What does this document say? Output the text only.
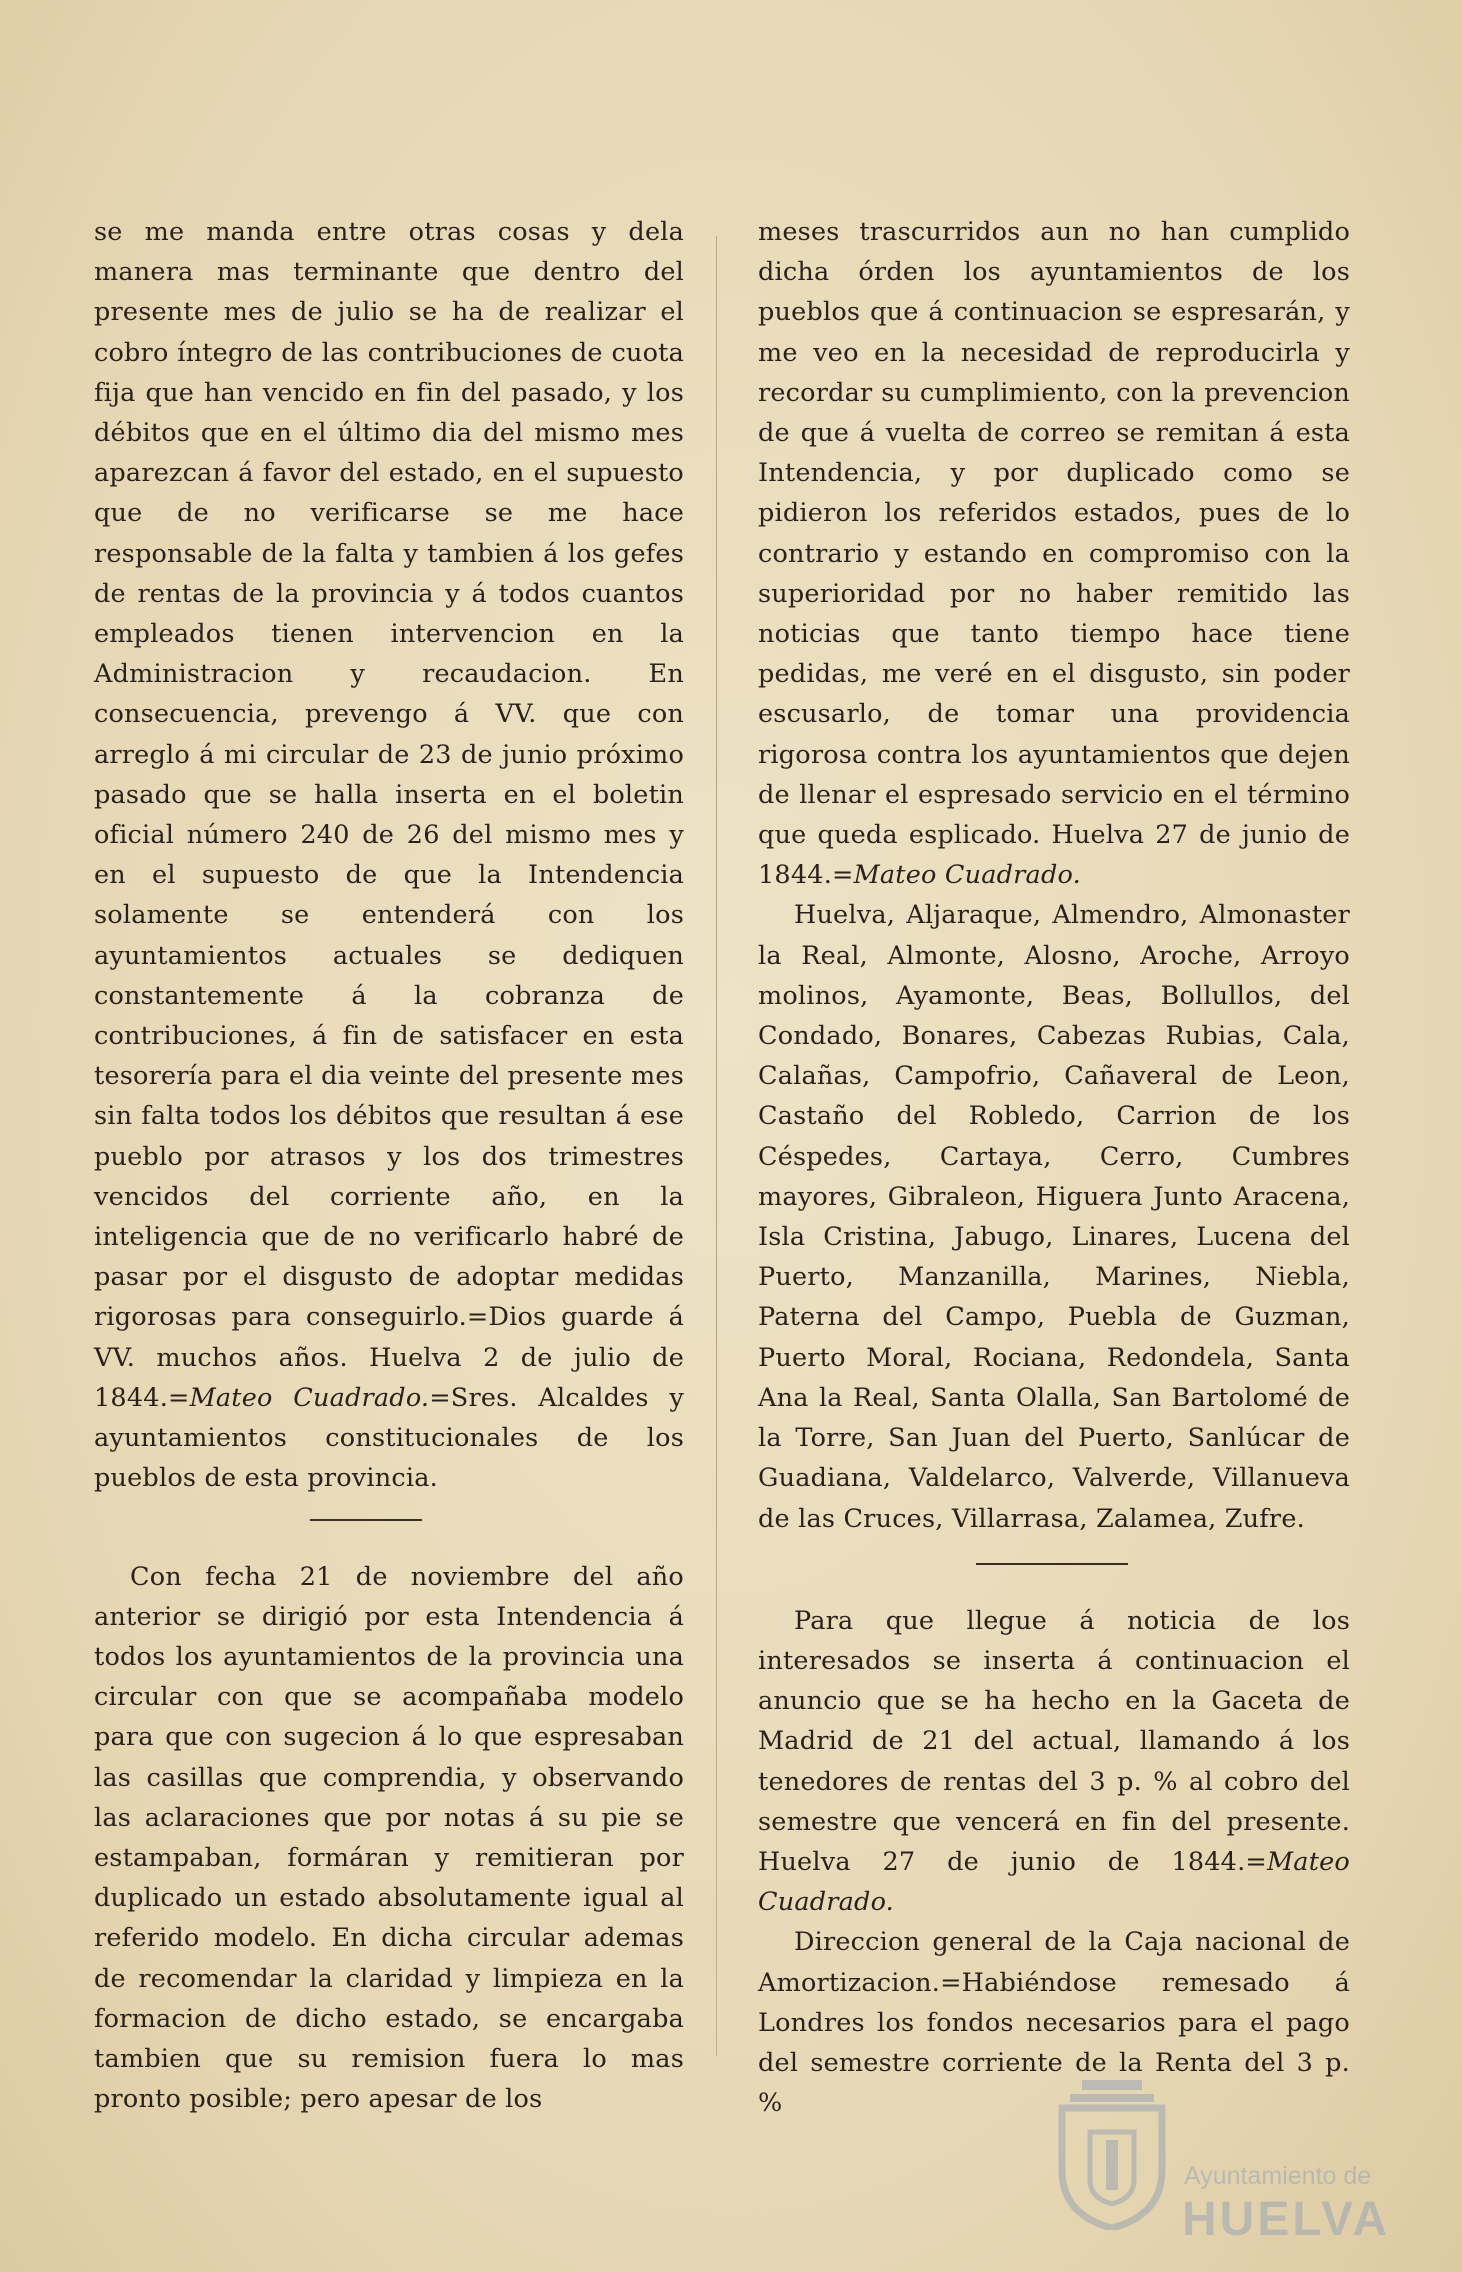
se me manda entre otras cosas y dela manera mas terminante que dentro del presente mes de julio se ha de realizar el cobro íntegro de las contribuciones de cuota fija que han vencido en fin del pasado, y los débitos que en el último dia del mismo mes aparezcan á favor del estado, en el supuesto que de no verificarse se me hace responsable de la falta y tambien á los gefes de rentas de la provincia y á todos cuantos empleados tienen intervencion en la Administracion y recaudacion. En consecuencia, prevengo á VV. que con arreglo á mi circular de 23 de junio próximo pasado que se halla inserta en el boletin oficial número 240 de 26 del mismo mes y en el supuesto de que la Intendencia solamente se entenderá con los ayuntamientos actuales se dediquen constantemente á la cobranza de contribuciones, á fin de satisfacer en esta tesorería para el dia veinte del presente mes sin falta todos los débitos que resultan á ese pueblo por atrasos y los dos trimestres vencidos del corriente año, en la inteligencia que de no verificarlo habré de pasar por el disgusto de adoptar medidas rigorosas para conseguirlo.=Dios guarde á VV. muchos años. Huelva 2 de julio de 1844.=Mateo Cuadrado.=Sres. Alcaldes y ayuntamientos constitucionales de los pueblos de esta provincia.

Con fecha 21 de noviembre del año anterior se dirigió por esta Intendencia á todos los ayuntamientos de la provincia una circular con que se acompañaba modelo para que con sugecion á lo que espresaban las casillas que comprendia, y observando las aclaraciones que por notas á su pie se estampaban, formáran y remitieran por duplicado un estado absolutamente igual al referido modelo. En dicha circular ademas de recomendar la claridad y limpieza en la formacion de dicho estado, se encargaba tambien que su remision fuera lo mas pronto posible; pero apesar de los

meses trascurridos aun no han cumplido dicha órden los ayuntamientos de los pueblos que á continuacion se espresarán, y me veo en la necesidad de reproducirla y recordar su cumplimiento, con la prevencion de que á vuelta de correo se remitan á esta Intendencia, y por duplicado como se pidieron los referidos estados, pues de lo contrario y estando en compromiso con la superioridad por no haber remitido las noticias que tanto tiempo hace tiene pedidas, me veré en el disgusto, sin poder escusarlo, de tomar una providencia rigorosa contra los ayuntamientos que dejen de llenar el espresado servicio en el término que queda esplicado. Huelva 27 de junio de 1844.=Mateo Cuadrado.

Huelva, Aljaraque, Almendro, Almonaster la Real, Almonte, Alosno, Aroche, Arroyo molinos, Ayamonte, Beas, Bollullos, del Condado, Bonares, Cabezas Rubias, Cala, Calañas, Campofrio, Cañaveral de Leon, Castaño del Robledo, Carrion de los Céspedes, Cartaya, Cerro, Cumbres mayores, Gibraleon, Higuera Junto Aracena, Isla Cristina, Jabugo, Linares, Lucena del Puerto, Manzanilla, Marines, Niebla, Paterna del Campo, Puebla de Guzman, Puerto Moral, Rociana, Redondela, Santa Ana la Real, Santa Olalla, San Bartolomé de la Torre, San Juan del Puerto, Sanlúcar de Guadiana, Valdelarco, Valverde, Villanueva de las Cruces, Villarrasa, Zalamea, Zufre.

Para que llegue á noticia de los interesados se inserta á continuacion el anuncio que se ha hecho en la Gaceta de Madrid de 21 del actual, llamando á los tenedores de rentas del 3 p. % al cobro del semestre que vencerá en fin del presente. Huelva 27 de junio de 1844.=Mateo Cuadrado.

Direccion general de la Caja nacional de Amortizacion.=Habiéndose remesado á Londres los fondos necesarios para el pago del semestre corriente de la Renta del 3 p. %

Ayuntamiento de
HUELVA
